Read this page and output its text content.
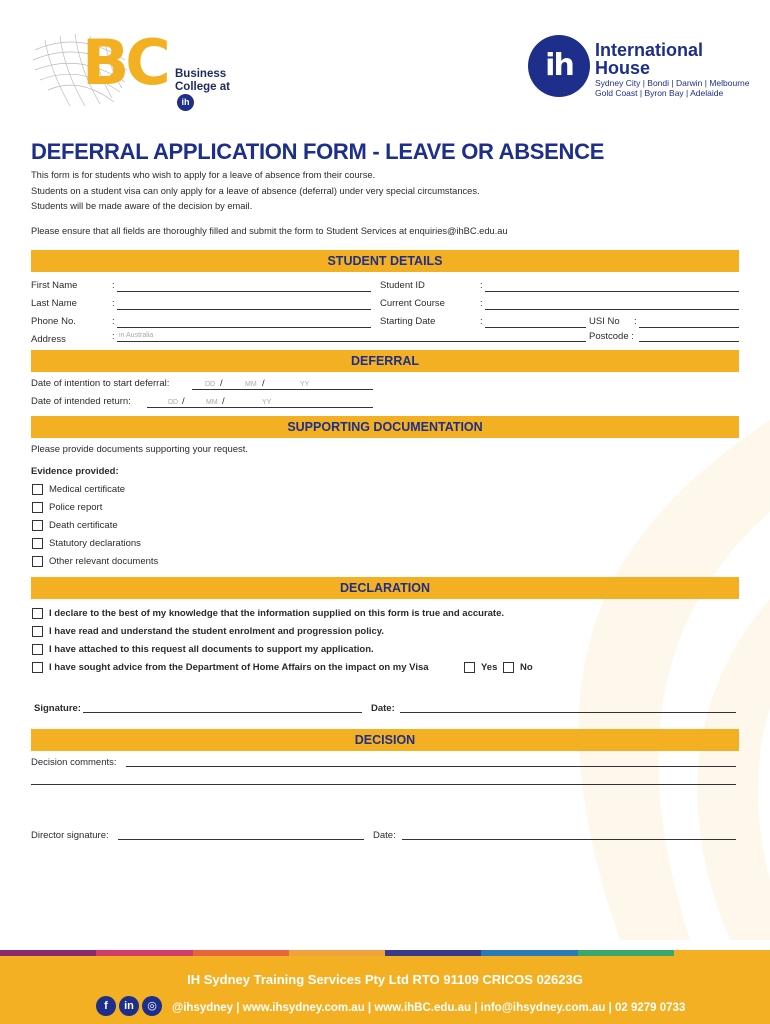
BC Business
College at ih
ih	International
House
Sydney City | Bondi | Darwin | Melbourne
Gold Coast | Byron Bay | Adelaide
DEFERRAL APPLICATION FORM - LEAVE OR ABSENCE
This form is for students who wish to apply for a leave of absence from their course.
Students on a student visa can only apply for a leave of absence (deferral) under very special circumstances.
Students will be made aware of the decision by email.
Please ensure that all fields are thoroughly filled and submit the form to Student Services at enquiries@ihBC.edu.au
STUDENT DETAILS
First Name	:	Student ID	:
Last Name	:	Current Course	:
Phone No.	:	Starting Date	:	USI No :
Address	: in Australia	Postcode :
DEFERRAL
Date of intention to start deferral:	DD /	MM /	YY
Date of intended return:	DD /	MM /	YY
SUPPORTING DOCUMENTATION
Please provide documents supporting your request.
Evidence provided:
Medical certificate
Police report
Death certificate
Statutory declarations
Other relevant documents
DECLARATION
I declare to the best of my knowledge that the information supplied on this form is true and accurate.
I have read and understand the student enrolment and progression policy.
I have attached to this request all documents to support my application.
I have sought advice from the Department of Home Affairs on the impact on my Visa	Yes No
Signature:	Date:
DECISION
Decision comments:
Director signature:	Date:
IH Sydney Training Services Pty Ltd RTO 91109 CRICOS 02623G
f	in	◎	@ihsydney | www.ihsydney.com.au | www.ihBC.edu.au | info@ihsydney.com.au | 02 9279 0733
